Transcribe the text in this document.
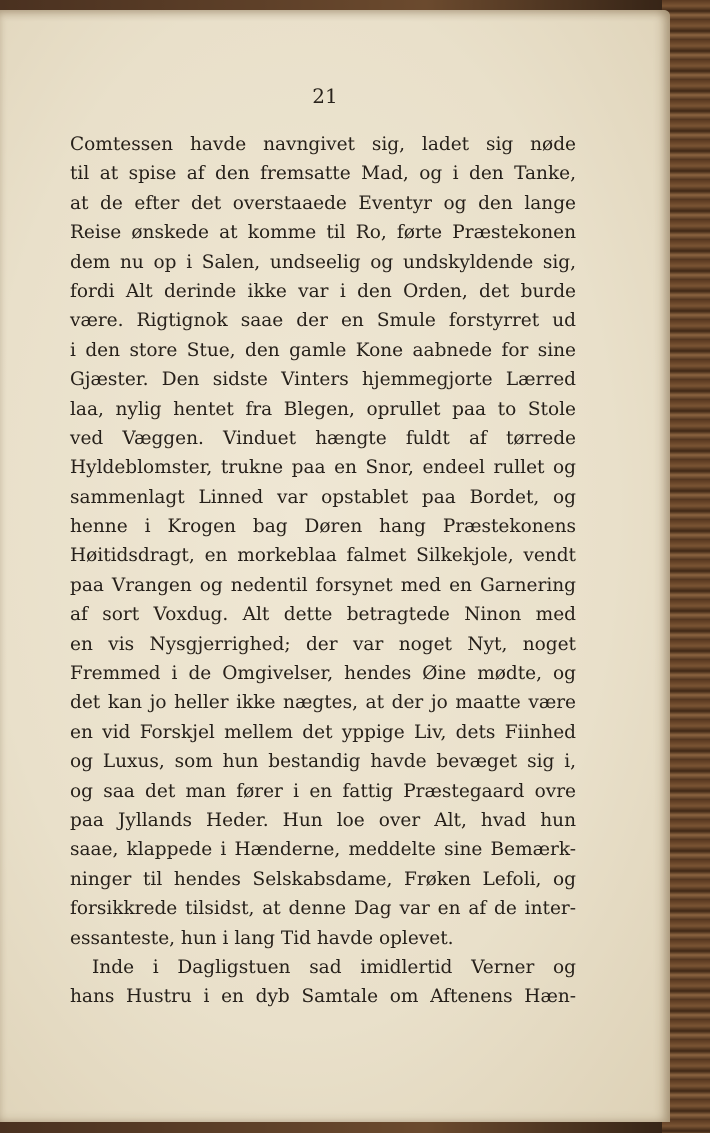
21
Comtessen havde navngivet sig, ladet sig nøde
til at spise af den fremsatte Mad, og i den Tanke,
at de efter det overstaaede Eventyr og den lange
Reise ønskede at komme til Ro, førte Præstekonen
dem nu op i Salen, undseelig og undskyldende sig,
fordi Alt derinde ikke var i den Orden, det burde
være. Rigtignok saae der en Smule forstyrret ud
i den store Stue, den gamle Kone aabnede for sine
Gjæster. Den sidste Vinters hjemmegjorte Lærred
laa, nylig hentet fra Blegen, oprullet paa to Stole
ved Væggen. Vinduet hængte fuldt af tørrede
Hyldeblomster, trukne paa en Snor, endeel rullet og
sammenlagt Linned var opstablet paa Bordet, og
henne i Krogen bag Døren hang Præstekonens
Høitidsdragt, en morkeblaa falmet Silkekjole, vendt
paa Vrangen og nedentil forsynet med en Garnering
af sort Voxdug. Alt dette betragtede Ninon med
en vis Nysgjerrighed; der var noget Nyt, noget
Fremmed i de Omgivelser, hendes Øine mødte, og
det kan jo heller ikke nægtes, at der jo maatte være
en vid Forskjel mellem det yppige Liv, dets Fiinhed
og Luxus, som hun bestandig havde bevæget sig i,
og saa det man fører i en fattig Præstegaard ovre
paa Jyllands Heder. Hun loe over Alt, hvad hun
saae, klappede i Hænderne, meddelte sine Bemærk-
ninger til hendes Selskabsdame, Frøken Lefoli, og
forsikkrede tilsidst, at denne Dag var en af de inter-
essanteste, hun i lang Tid havde oplevet.
Inde i Dagligstuen sad imidlertid Verner og
hans Hustru i en dyb Samtale om Aftenens Hæn-
